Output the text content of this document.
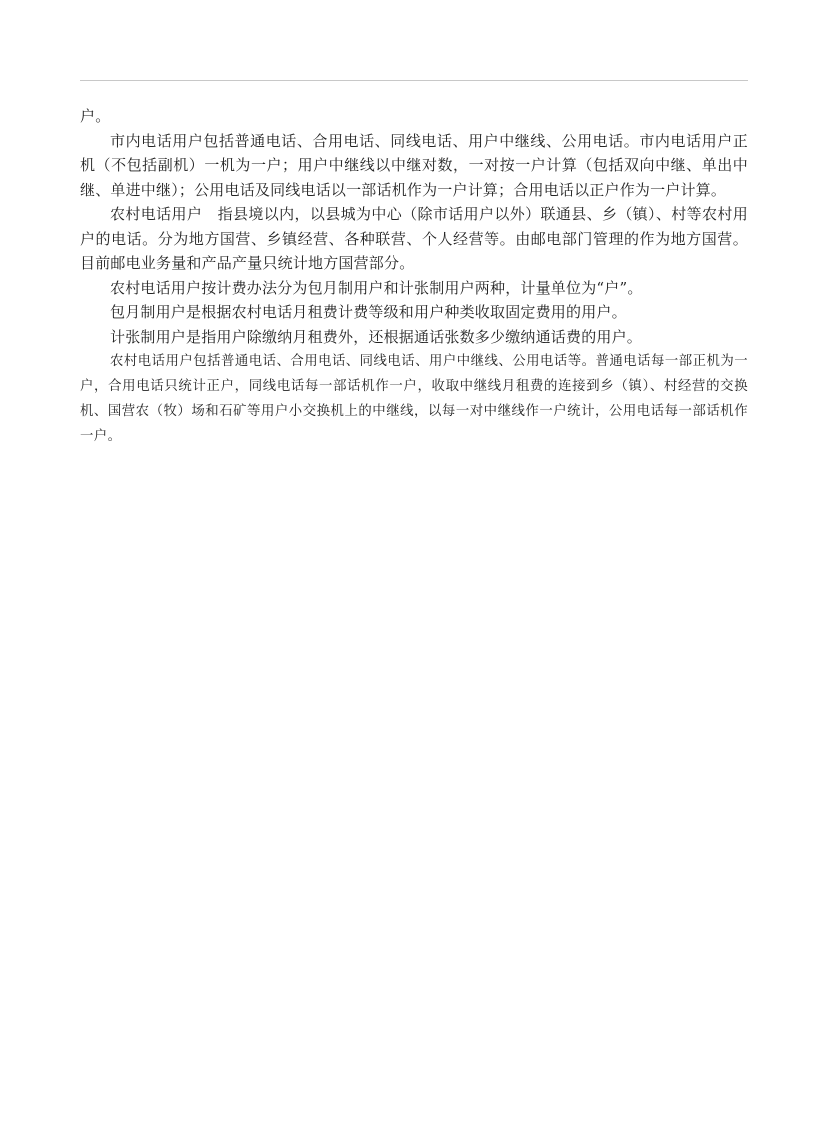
户。

市内电话用户包括普通电话、合用电话、同线电话、用户中继线、公用电话。市内电话用户正机（不包括副机）一机为一户；用户中继线以中继对数，一对按一户计算（包括双向中继、单出中继、单进中继）；公用电话及同线电话以一部话机作为一户计算；合用电话以正户作为一户计算。

农村电话用户　指县境以内，以县城为中心（除市话用户以外）联通县、乡（镇）、村等农村用户的电话。分为地方国营、乡镇经营、各种联营、个人经营等。由邮电部门管理的作为地方国营。目前邮电业务量和产品产量只统计地方国营部分。

农村电话用户按计费办法分为包月制用户和计张制用户两种，计量单位为“户”。

包月制用户是根据农村电话月租费计费等级和用户种类收取固定费用的用户。

计张制用户是指用户除缴纳月租费外，还根据通话张数多少缴纳通话费的用户。

农村电话用户包括普通电话、合用电话、同线电话、用户中继线、公用电话等。普通电话每一部正机为一户，合用电话只统计正户，同线电话每一部话机作一户，收取中继线月租费的连接到乡（镇）、村经营的交换机、国营农（牧）场和石矿等用户小交换机上的中继线，以每一对中继线作一户统计，公用电话每一部话机作一户。
